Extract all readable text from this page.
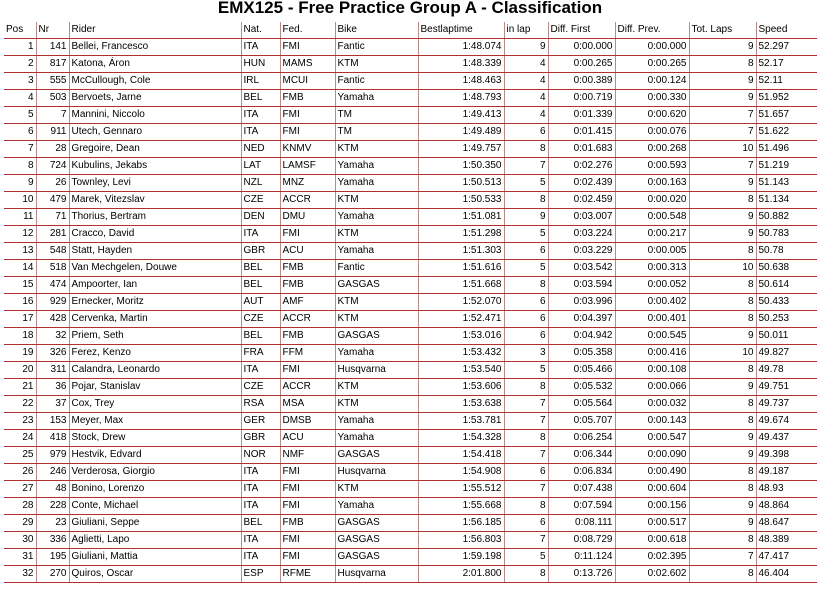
EMX125 - Free Practice Group A - Classification
Pos	Nr	Rider	Nat.	Fed.	Bike	Bestlaptime	in lap	Diff. First	Diff. Prev.	Tot. Laps	Speed
1	141	Bellei, Francesco	ITA	FMI	Fantic	1:48.074	9	0:00.000	0:00.000	9	52.297
2	817	Katona, Áron	HUN	MAMS	KTM	1:48.339	4	0:00.265	0:00.265	8	52.17
3	555	McCullough, Cole	IRL	MCUI	Fantic	1:48.463	4	0:00.389	0:00.124	9	52.11
4	503	Bervoets, Jarne	BEL	FMB	Yamaha	1:48.793	4	0:00.719	0:00.330	9	51.952
5	7	Mannini, Niccolo	ITA	FMI	TM	1:49.413	4	0:01.339	0:00.620	7	51.657
6	911	Utech, Gennaro	ITA	FMI	TM	1:49.489	6	0:01.415	0:00.076	7	51.622
7	28	Gregoire, Dean	NED	KNMV	KTM	1:49.757	8	0:01.683	0:00.268	10	51.496
8	724	Kubulins, Jekabs	LAT	LAMSF	Yamaha	1:50.350	7	0:02.276	0:00.593	7	51.219
9	26	Townley, Levi	NZL	MNZ	Yamaha	1:50.513	5	0:02.439	0:00.163	9	51.143
10	479	Marek, Vitezslav	CZE	ACCR	KTM	1:50.533	8	0:02.459	0:00.020	8	51.134
11	71	Thorius, Bertram	DEN	DMU	Yamaha	1:51.081	9	0:03.007	0:00.548	9	50.882
12	281	Cracco, David	ITA	FMI	KTM	1:51.298	5	0:03.224	0:00.217	9	50.783
13	548	Statt, Hayden	GBR	ACU	Yamaha	1:51.303	6	0:03.229	0:00.005	8	50.78
14	518	Van Mechgelen, Douwe	BEL	FMB	Fantic	1:51.616	5	0:03.542	0:00.313	10	50.638
15	474	Ampoorter, Ian	BEL	FMB	GASGAS	1:51.668	8	0:03.594	0:00.052	8	50.614
16	929	Ernecker, Moritz	AUT	AMF	KTM	1:52.070	6	0:03.996	0:00.402	8	50.433
17	428	Cervenka, Martin	CZE	ACCR	KTM	1:52.471	6	0:04.397	0:00.401	8	50.253
18	32	Priem, Seth	BEL	FMB	GASGAS	1:53.016	6	0:04.942	0:00.545	9	50.011
19	326	Ferez, Kenzo	FRA	FFM	Yamaha	1:53.432	3	0:05.358	0:00.416	10	49.827
20	311	Calandra, Leonardo	ITA	FMI	Husqvarna	1:53.540	5	0:05.466	0:00.108	8	49.78
21	36	Pojar, Stanislav	CZE	ACCR	KTM	1:53.606	8	0:05.532	0:00.066	9	49.751
22	37	Cox, Trey	RSA	MSA	KTM	1:53.638	7	0:05.564	0:00.032	8	49.737
23	153	Meyer, Max	GER	DMSB	Yamaha	1:53.781	7	0:05.707	0:00.143	8	49.674
24	418	Stock, Drew	GBR	ACU	Yamaha	1:54.328	8	0:06.254	0:00.547	9	49.437
25	979	Hestvik, Edvard	NOR	NMF	GASGAS	1:54.418	7	0:06.344	0:00.090	9	49.398
26	246	Verderosa, Giorgio	ITA	FMI	Husqvarna	1:54.908	6	0:06.834	0:00.490	8	49.187
27	48	Bonino, Lorenzo	ITA	FMI	KTM	1:55.512	7	0:07.438	0:00.604	8	48.93
28	228	Conte, Michael	ITA	FMI	Yamaha	1:55.668	8	0:07.594	0:00.156	9	48.864
29	23	Giuliani, Seppe	BEL	FMB	GASGAS	1:56.185	6	0:08.111	0:00.517	9	48.647
30	336	Aglietti, Lapo	ITA	FMI	GASGAS	1:56.803	7	0:08.729	0:00.618	8	48.389
31	195	Giuliani, Mattia	ITA	FMI	GASGAS	1:59.198	5	0:11.124	0:02.395	7	47.417
32	270	Quiros, Oscar	ESP	RFME	Husqvarna	2:01.800	8	0:13.726	0:02.602	8	46.404
